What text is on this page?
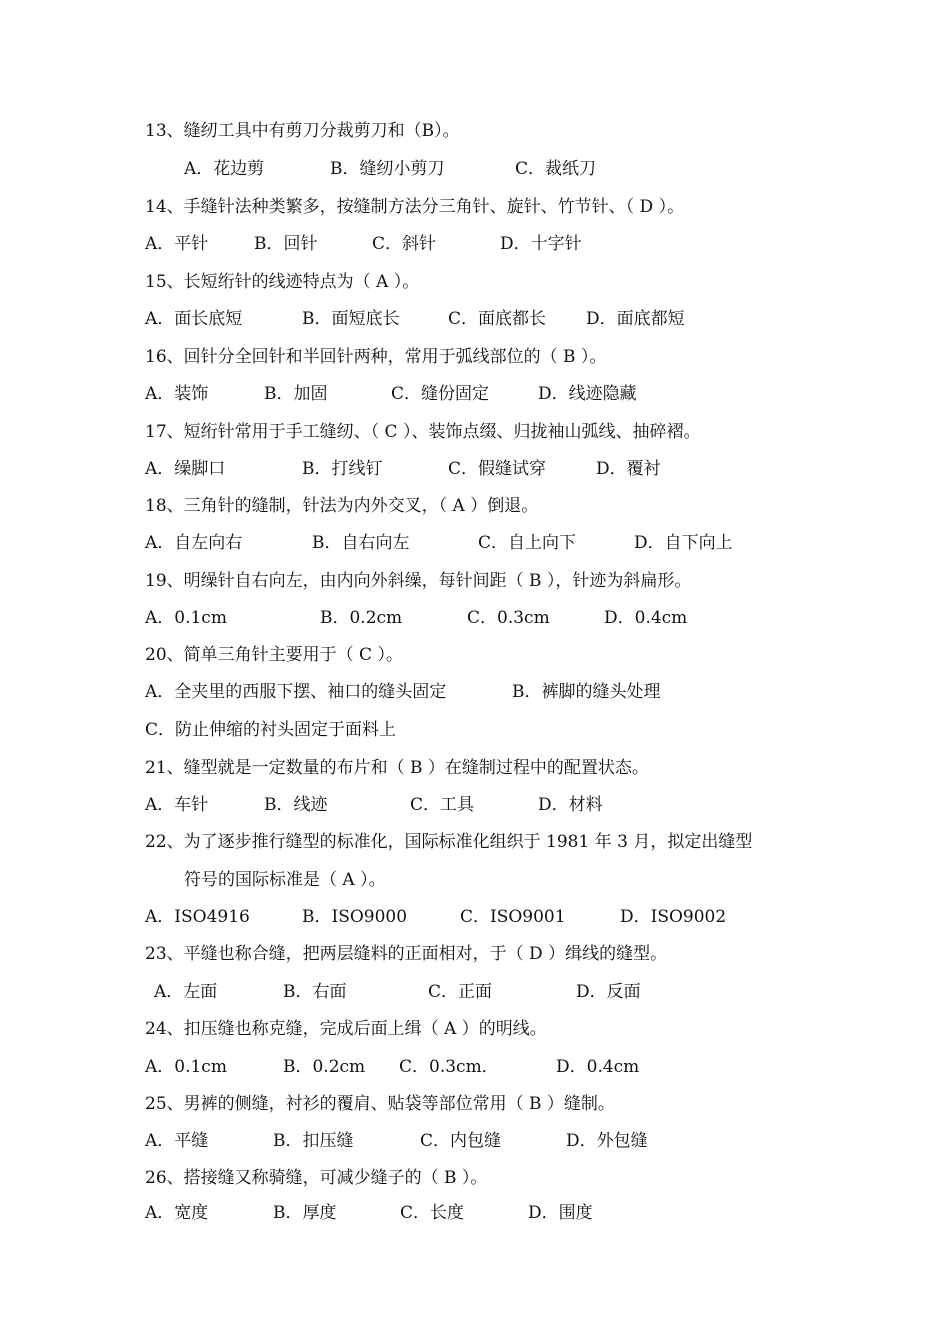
13、缝纫工具中有剪刀分裁剪刀和（B）。
A．花边剪	B．缝纫小剪刀	C．裁纸刀
14、手缝针法种类繁多，按缝制方法分三角针、旋针、竹节针、（ D ）。
A．平针	B．回针	C．斜针	D．十字针
15、长短绗针的线迹特点为（ A ）。
A．面长底短	B．面短底长	C．面底都长 D．面底都短
16、回针分全回针和半回针两种，常用于弧线部位的（ B ）。
A．装饰	B．加固	C．缝份固定	D．线迹隐藏
17、短绗针常用于手工缝纫、（ C ）、装饰点缀、归拢袖山弧线、抽碎褶。
A．缲脚口	B．打线钉	C．假缝试穿	D．覆衬
18、三角针的缝制，针法为内外交叉，（ A ）倒退。
A．自左向右	B．自右向左	C．自上向下	D．自下向上
19、明缲针自右向左，由内向外斜缲，每针间距（ B ），针迹为斜扁形。
A．0.1cm	B．0.2cm	C．0.3cm	D．0.4cm
20、简单三角针主要用于（ C ）。
A．全夹里的西服下摆、袖口的缝头固定	B．裤脚的缝头处理
C．防止伸缩的衬头固定于面料上
21、缝型就是一定数量的布片和（ B ）在缝制过程中的配置状态。
A．车针	B．线迹	C．工具	D．材料
22、为了逐步推行缝型的标准化，国际标准化组织于 1981 年 3 月，拟定出缝型
符号的国际标准是（ A ）。
A．ISO4916	B．ISO9000	C．ISO9001	D．ISO9002
23、平缝也称合缝，把两层缝料的正面相对，于（ D ）缉线的缝型。
A．左面	B．右面	C．正面	D．反面
24、扣压缝也称克缝，完成后面上缉（ A ）的明线。
A．0.1cm	B．0.2cm C．0.3cm．	D．0.4cm
25、男裤的侧缝，衬衫的覆肩、贴袋等部位常用（ B ）缝制。
A．平缝	B．扣压缝	C．内包缝	D．外包缝
26、搭接缝又称骑缝，可减少缝子的（ B ）。
A．宽度	B．厚度	C．长度	D．围度
